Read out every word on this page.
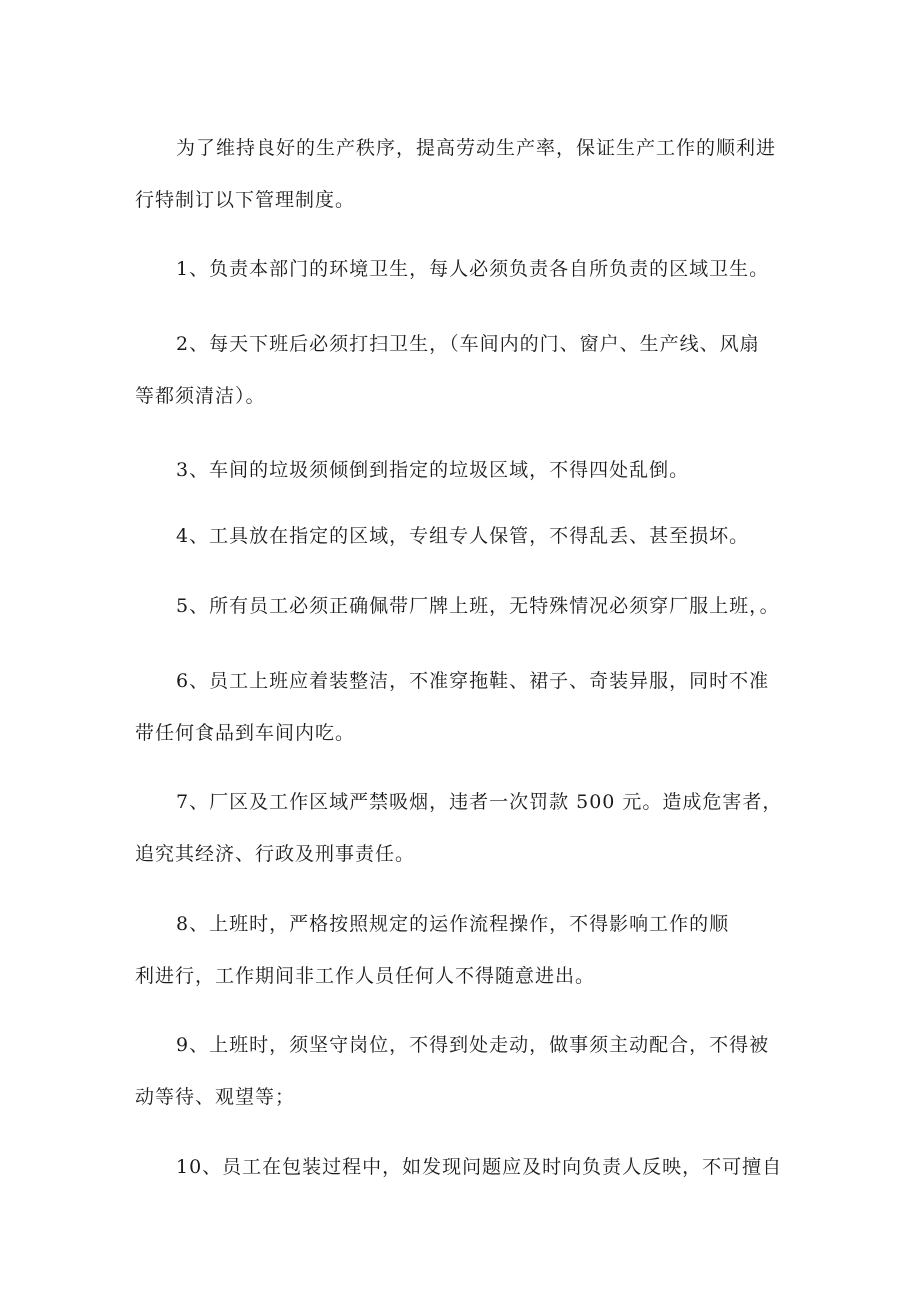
为了维持良好的生产秩序，提高劳动生产率，保证生产工作的顺利进
行特制订以下管理制度。

1、负责本部门的环境卫生，每人必须负责各自所负责的区域卫生。

2、每天下班后必须打扫卫生，（车间内的门、窗户、生产线、风扇
等都须清洁）。

3、车间的垃圾须倾倒到指定的垃圾区域，不得四处乱倒。

4、工具放在指定的区域，专组专人保管，不得乱丢、甚至损坏。

5、所有员工必须正确佩带厂牌上班，无特殊情况必须穿厂服上班，。

6、员工上班应着装整洁，不准穿拖鞋、裙子、奇装异服，同时不准
带任何食品到车间内吃。

7、厂区及工作区域严禁吸烟，违者一次罚款 500 元。造成危害者，
追究其经济、行政及刑事责任。

8、上班时，严格按照规定的运作流程操作，不得影响工作的顺
利进行，工作期间非工作人员任何人不得随意进出。

9、上班时，须坚守岗位，不得到处走动，做事须主动配合，不得被
动等待、观望等；

10、员工在包装过程中，如发现问题应及时向负责人反映，不可擅自
